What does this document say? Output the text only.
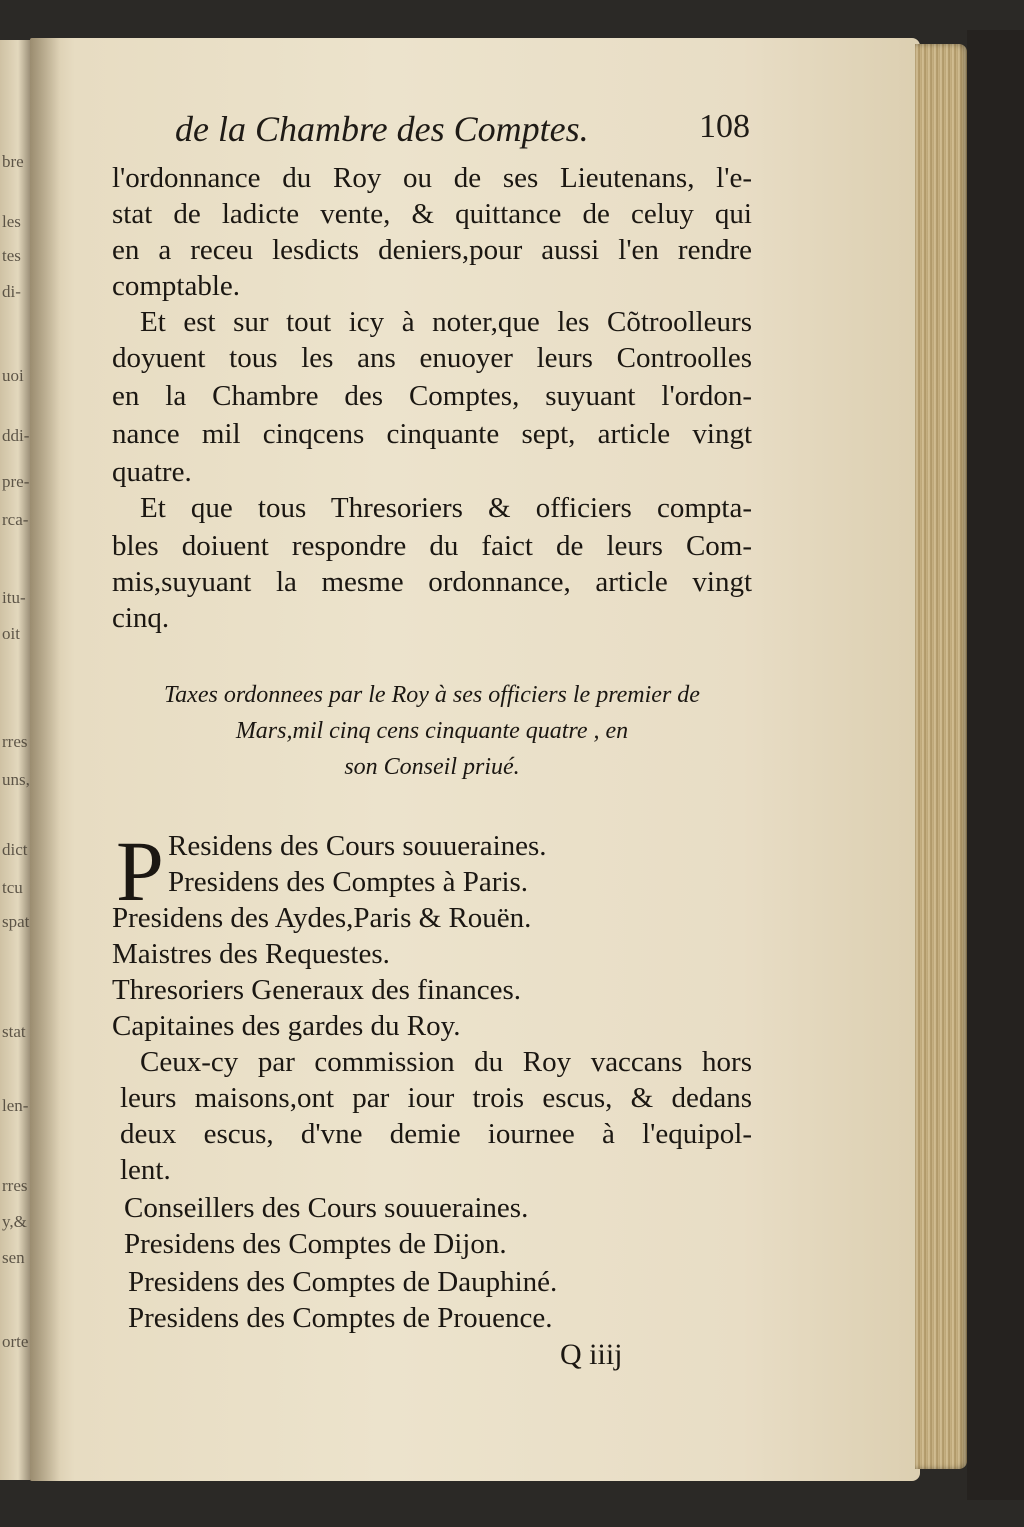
bre
les
tes
di-
uoi
ddi-
pre-
rca-
itu-
oit
rres
uns,
dict
tcu
spat
stat
len-
rres
y,&
sen
orte
de la Chambre des Comptes.	108
l'ordonnance du Roy ou de ses Lieutenans, l'e-
stat de ladicte vente, & quittance de celuy qui
en a receu lesdicts deniers,pour aussi l'en rendre
comptable.
Et est sur tout icy à noter,que les Cõtroolleurs
doyuent tous les ans enuoyer leurs Controolles
en la Chambre des Comptes, suyuant l'ordon-
nance mil cinqcens cinquante sept, article vingt
quatre.
Et que tous Thresoriers & officiers compta-
bles doiuent respondre du faict de leurs Com-
mis,suyuant la mesme ordonnance, article vingt
cinq.
Taxes ordonnees par le Roy à ses officiers le premier de
Mars,mil cinq cens cinquante quatre , en
son Conseil priué.
P Residens des Cours souueraines.
Presidens des Comptes à Paris.
Presidens des Aydes,Paris & Rouën.
Maistres des Requestes.
Thresoriers Generaux des finances.
Capitaines des gardes du Roy.
Ceux-cy par commission du Roy vaccans hors
leurs maisons,ont par iour trois escus, & dedans
deux escus, d'vne demie iournee à l'equipol-
lent.
Conseillers des Cours souueraines.
Presidens des Comptes de Dijon.
Presidens des Comptes de Dauphiné.
Presidens des Comptes de Prouence.
Q iiij
